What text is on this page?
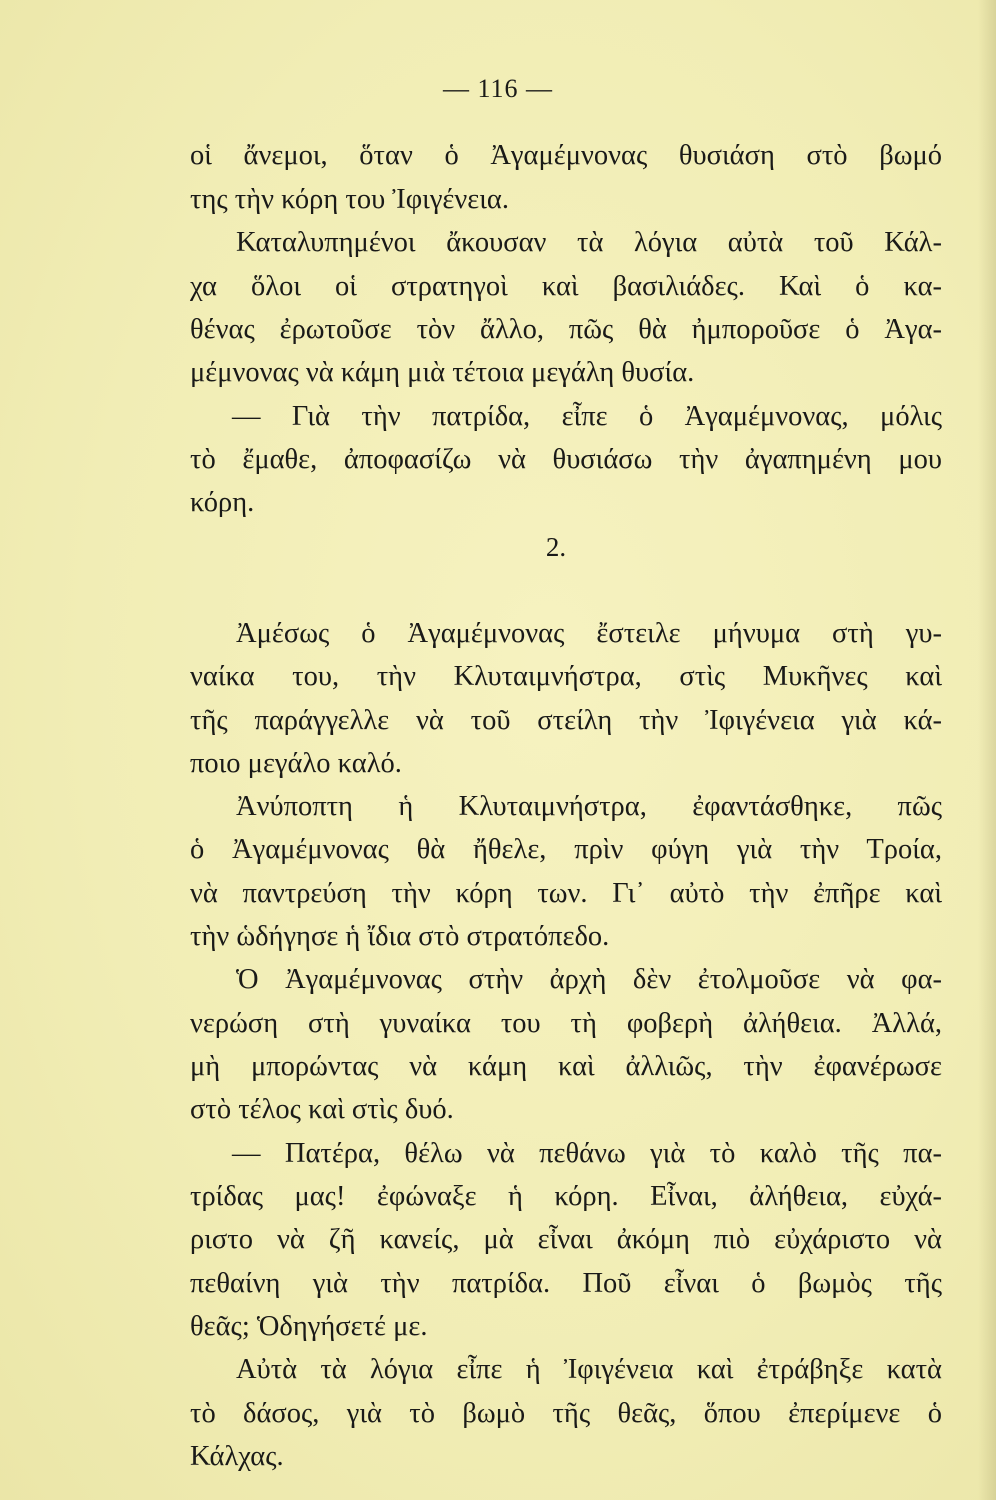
— 116 —
οἱ ἄνεμοι, ὅταν ὁ Ἀγαμέμνονας θυσιάση στὸ βωμό
της τὴν κόρη του Ἰφιγένεια.
Καταλυπημένοι ἄκουσαν τὰ λόγια αὐτὰ τοῦ Κάλ-
χα ὅλοι οἱ στρατηγοὶ καὶ βασιλιάδες. Καὶ ὁ κα-
θένας ἐρωτοῦσε τὸν ἄλλο, πῶς θὰ ἠμποροῦσε ὁ Ἀγα-
μέμνονας νὰ κάμη μιὰ τέτοια μεγάλη θυσία.
— Γιὰ τὴν πατρίδα, εἶπε ὁ Ἀγαμέμνονας, μόλις
τὸ ἔμαθε, ἀποφασίζω νὰ θυσιάσω τὴν ἀγαπημένη μου
κόρη.
2.
Ἀμέσως ὁ Ἀγαμέμνονας ἔστειλε μήνυμα στὴ γυ-
ναίκα του, τὴν Κλυταιμνήστρα, στὶς Μυκῆνες καὶ
τῆς παράγγελλε νὰ τοῦ στείλη τὴν Ἰφιγένεια γιὰ κά-
ποιο μεγάλο καλό.
Ἀνύποπτη ἡ Κλυταιμνήστρα, ἐφαντάσθηκε, πῶς
ὁ Ἀγαμέμνονας θὰ ἤθελε, πρὶν φύγη γιὰ τὴν Τροία,
νὰ παντρεύση τὴν κόρη των. Γι᾽ αὐτὸ τὴν ἐπῆρε καὶ
τὴν ὡδήγησε ἡ ἴδια στὸ στρατόπεδο.
Ὁ Ἀγαμέμνονας στὴν ἀρχὴ δὲν ἐτολμοῦσε νὰ φα-
νερώση στὴ γυναίκα του τὴ φοβερὴ ἀλήθεια. Ἀλλά,
μὴ μπορώντας νὰ κάμη καὶ ἀλλιῶς, τὴν ἐφανέρωσε
στὸ τέλος καὶ στὶς δυό.
— Πατέρα, θέλω νὰ πεθάνω γιὰ τὸ καλὸ τῆς πα-
τρίδας μας! ἐφώναξε ἡ κόρη. Εἶναι, ἀλήθεια, εὐχά-
ριστο νὰ ζῆ κανείς, μὰ εἶναι ἀκόμη πιὸ εὐχάριστο νὰ
πεθαίνη γιὰ τὴν πατρίδα. Ποῦ εἶναι ὁ βωμὸς τῆς
θεᾶς; Ὁδηγήσετέ με.
Αὐτὰ τὰ λόγια εἶπε ἡ Ἰφιγένεια καὶ ἐτράβηξε κατὰ
τὸ δάσος, γιὰ τὸ βωμὸ τῆς θεᾶς, ὅπου ἐπερίμενε ὁ
Κάλχας.
